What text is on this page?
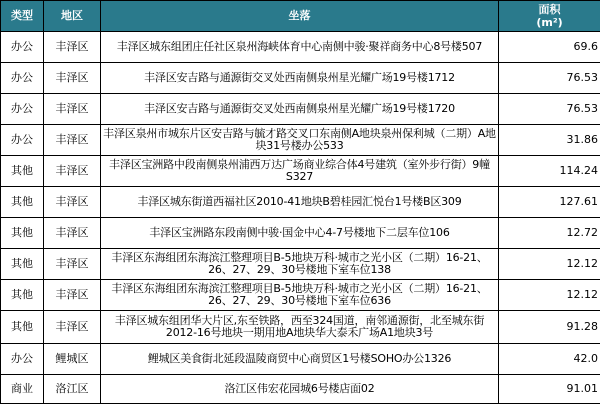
类型	地区	坐落	面积
(m²)
办公	丰泽区	丰泽区城东组团庄任社区泉州海峡体育中心南侧中骏·聚祥商务中心8号楼507	69.6
办公	丰泽区	丰泽区安吉路与通源街交叉处西南侧泉州星光耀广场19号楼1712	76.53
办公	丰泽区	丰泽区安吉路与通源街交叉处西南侧泉州星光耀广场19号楼1720	76.53
办公	丰泽区	丰泽区泉州市城东片区安吉路与毓才路交叉口东南侧A地块泉州保利城（二期）A地块31号楼办公533	31.86
其他	丰泽区	丰泽区宝洲路中段南侧泉州浦西万达广场商业综合体4号建筑（室外步行街）9幢S327	114.24
其他	丰泽区	丰泽区城东街道西福社区2010-41地块B碧桂园汇悦台1号楼B区309	127.61
其他	丰泽区	丰泽区宝洲路东段南侧中骏·国金中心4-7号楼地下二层车位106	12.72
其他	丰泽区	丰泽区东海组团东海滨江整理项目B-5地块万科·城市之光小区（二期）16-21、26、27、29、30号楼地下室车位138	12.12
其他	丰泽区	丰泽区东海组团东海滨江整理项目B-5地块万科·城市之光小区（二期）16-21、26、27、29、30号楼地下室车位636	12.12
其他	丰泽区	丰泽区城东组团华大片区,东至铁路，西至324国道，南邻通源街，北至城东街2012-16号地块一期用地A地块华大泰禾广场A1地块3号	91.28
办公	鲤城区	鲤城区美食街北延段温陵商贸中心商贸区1号楼SOHO办公1326	42.0
商业	洛江区	洛江区伟宏花园城6号楼店面02	91.01
